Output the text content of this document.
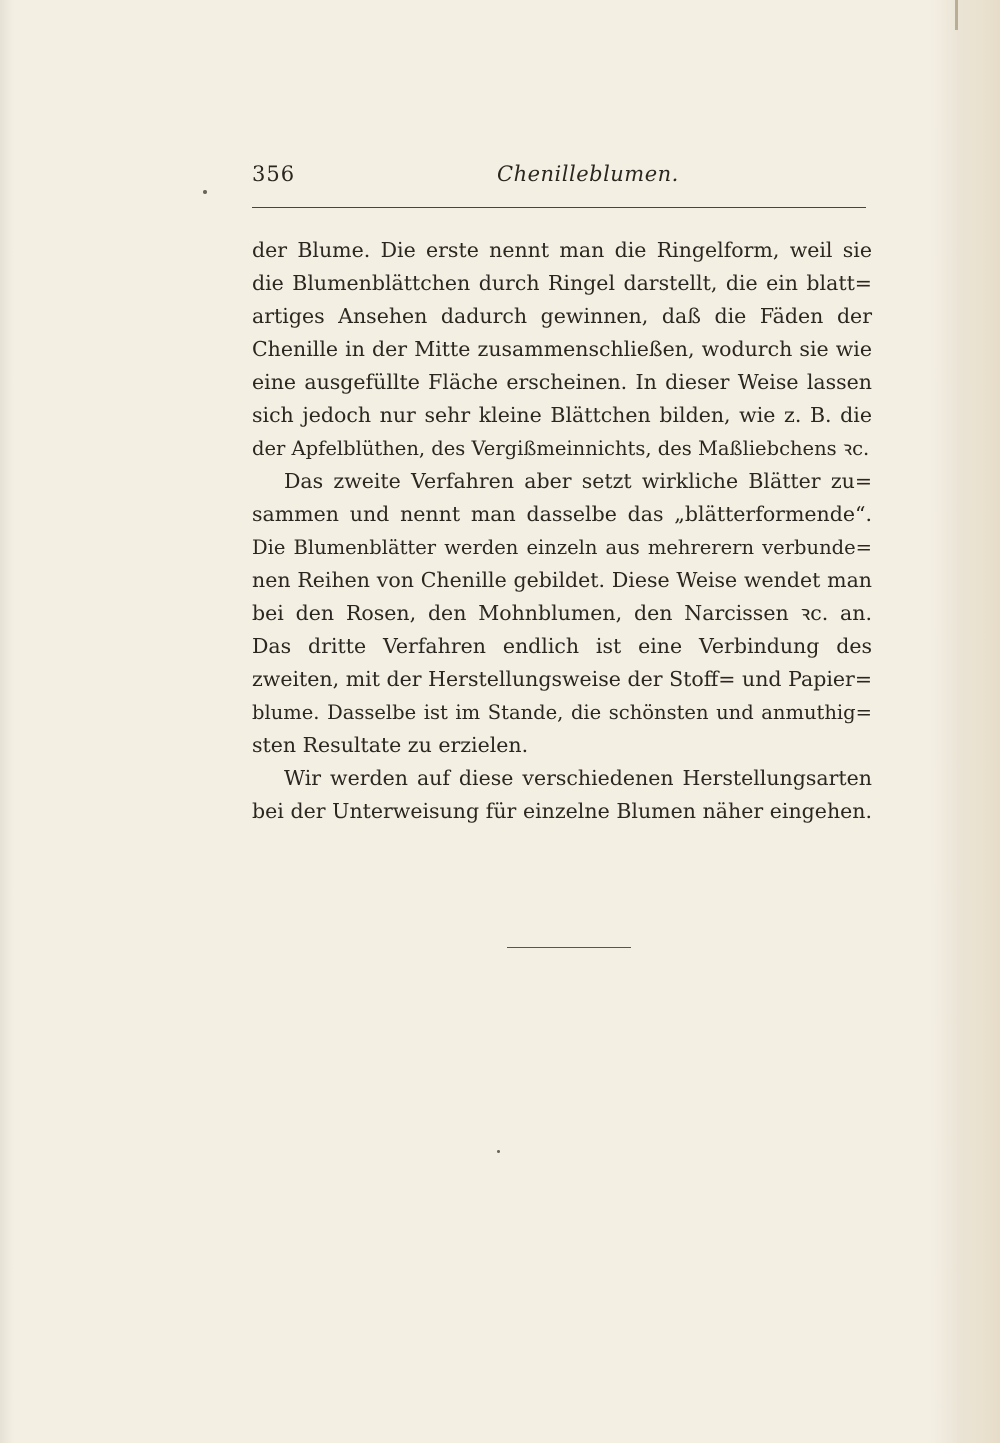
356	Chenilleblumen.
der Blume. Die erste nennt man die Ringelform, weil sie
die Blumenblättchen durch Ringel darstellt, die ein blatt=
artiges Ansehen dadurch gewinnen, daß die Fäden der
Chenille in der Mitte zusammenschließen, wodurch sie wie
eine ausgefüllte Fläche erscheinen. In dieser Weise lassen
sich jedoch nur sehr kleine Blättchen bilden, wie z. B. die
der Apfelblüthen, des Vergißmeinnichts, des Maßliebchens ꝛc.
Das zweite Verfahren aber setzt wirkliche Blätter zu=
sammen und nennt man dasselbe das „blätterformende“.
Die Blumenblätter werden einzeln aus mehrerern verbunde=
nen Reihen von Chenille gebildet. Diese Weise wendet man
bei den Rosen, den Mohnblumen, den Narcissen ꝛc. an.
Das dritte Verfahren endlich ist eine Verbindung des
zweiten, mit der Herstellungsweise der Stoff= und Papier=
blume. Dasselbe ist im Stande, die schönsten und anmuthig=
sten Resultate zu erzielen.
Wir werden auf diese verschiedenen Herstellungsarten
bei der Unterweisung für einzelne Blumen näher eingehen.
